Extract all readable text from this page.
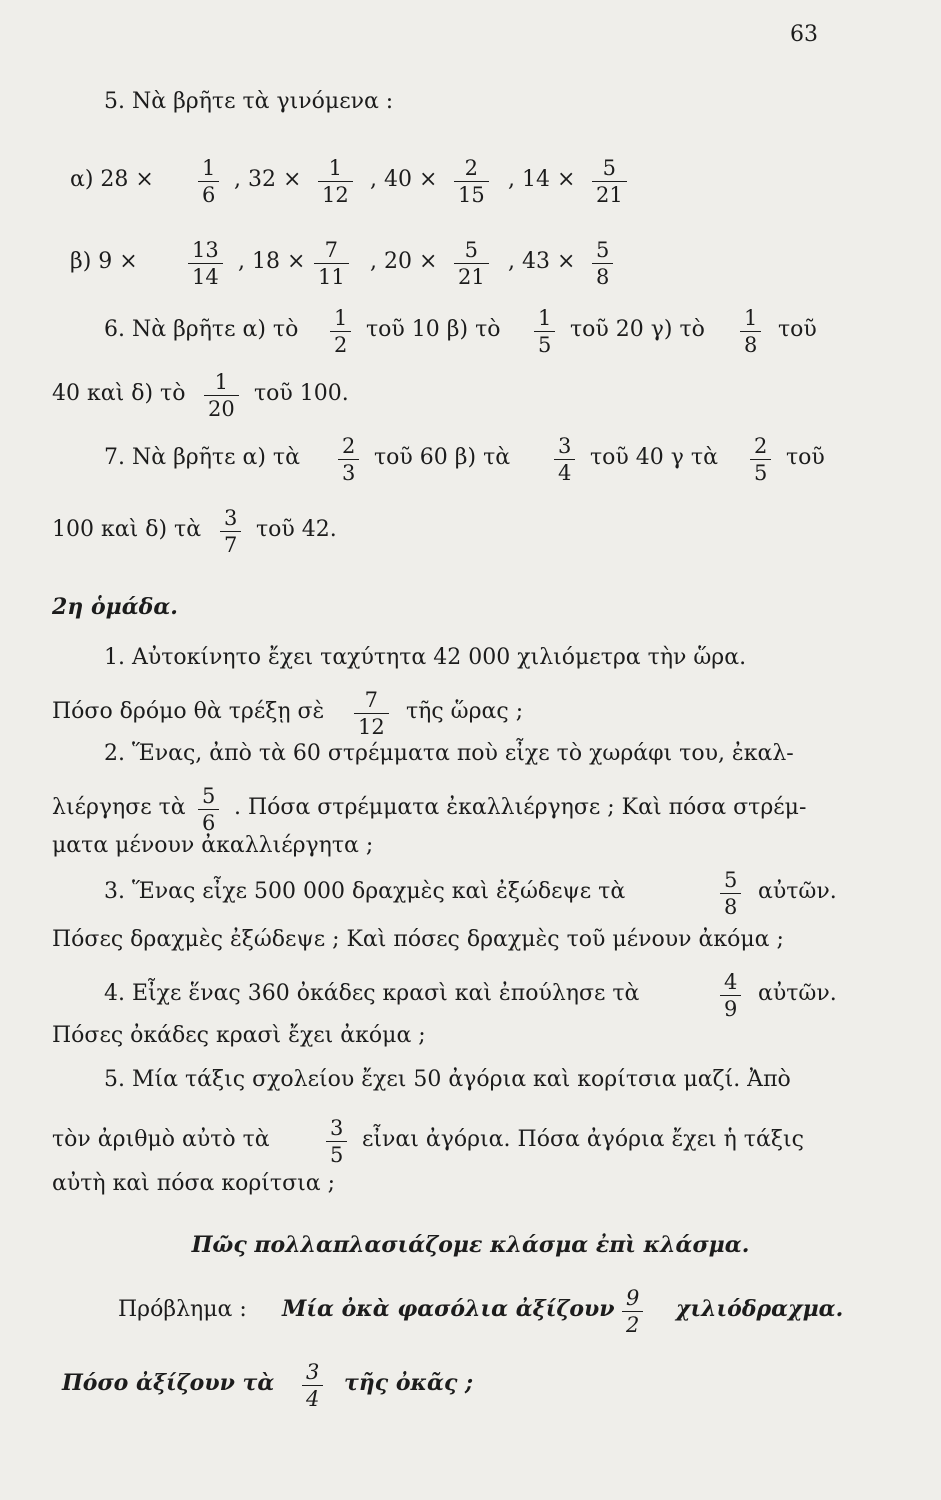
63
5. Νὰ βρῆτε τὰ γινόμενα :
α) $28 \times \frac{1}{6}$ , $32 \times \frac{1}{12}$ , $40 \times \frac{2}{15}$ , $14 \times \frac{5}{21}$
β) $9 \times \frac{13}{14}$ , $18 \times \frac{7}{11}$ , $20 \times \frac{5}{21}$ , $43 \times \frac{5}{8}$
6. Νὰ βρῆτε α) τὸ $\frac{1}{2}$ τοῦ 10 β) τὸ $\frac{1}{5}$ τοῦ 20 γ) τὸ $\frac{1}{8}$ τοῦ
40 καὶ δ) τὸ $\frac{1}{20}$ τοῦ 100.
7. Νὰ βρῆτε α) τὰ $\frac{2}{3}$ τοῦ 60 β) τὰ $\frac{3}{4}$ τοῦ 40 γ τὰ $\frac{2}{5}$ τοῦ
100 καὶ δ) τὰ $\frac{3}{7}$ τοῦ 42.
2η ὁμάδα.
1. Αὐτοκίνητο ἔχει ταχύτητα 42 000 χιλιόμετρα τὴν ὥρα.
Πόσο δρόμο θὰ τρέξῃ σὲ $\frac{7}{12}$ τῆς ὥρας ;
2. Ἕνας, ἀπὸ τὰ 60 στρέμματα ποὺ εἶχε τὸ χωράφι του, ἐκαλ-
λιέργησε τὰ $\frac{5}{6}$ . Πόσα στρέμματα ἐκαλλιέργησε ; Καὶ πόσα στρέμ-
ματα μένουν ἀκαλλιέργητα ;
3. Ἕνας εἶχε 500 000 δραχμὲς καὶ ἐξώδεψε τὰ	$\frac{5}{8}$ αὐτῶν.
Πόσες δραχμὲς ἐξώδεψε ; Καὶ πόσες δραχμὲς τοῦ μένουν ἀκόμα ;
4. Εἶχε ἕνας 360 ὀκάδες κρασὶ καὶ ἐπούλησε τὰ	$\frac{4}{9}$ αὐτῶν.
Πόσες ὀκάδες κρασὶ ἔχει ἀκόμα ;
5. Μία τάξις σχολείου ἔχει 50 ἀγόρια καὶ κορίτσια μαζί. Ἀπὸ
τὸν ἀριθμὸ αὐτὸ τὰ	$\frac{3}{5}$ εἶναι ἀγόρια. Πόσα ἀγόρια ἔχει ἡ τάξις
αὐτὴ καὶ πόσα κορίτσια ;
Πῶς πολλαπλασιάζομε κλάσμα ἐπὶ κλάσμα.
Πρόβλημα : Μία ὀκὰ φασόλια ἀξίζουν $\frac{9}{2} \chi\iota\lambda\iota ό\delta\rho\alpha\chi\mu\alpha$.
Πόσο ἀξίζουν τὰ $\frac{3}{4}$ τῆς ὀκᾶς ;
